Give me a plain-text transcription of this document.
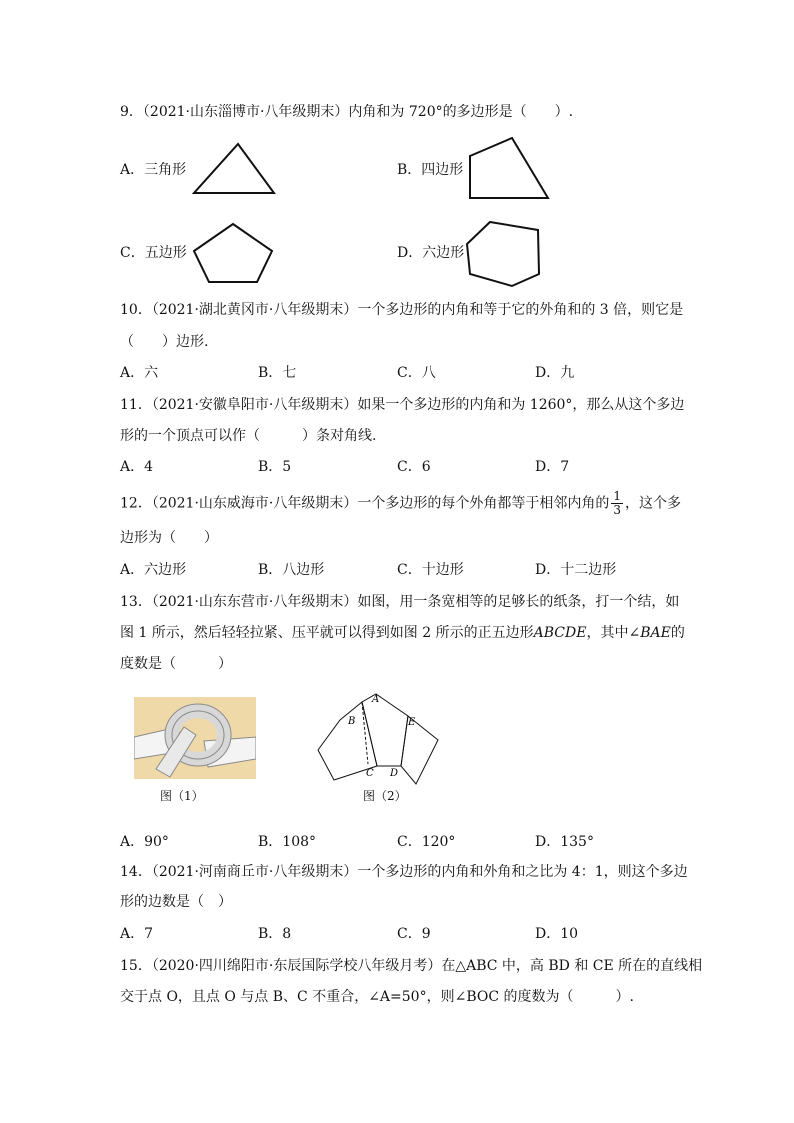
9．（2021·山东淄博市·八年级期末）内角和为 720°的多边形是（　　）.
A．三角形	B．四边形
C．五边形	D．六边形
10．（2021·湖北黄冈市·八年级期末）一个多边形的内角和等于它的外角和的 3 倍，则它是
（　　）边形.
A．六	B．七	C．八	D．九
11．（2021·安徽阜阳市·八年级期末）如果一个多边形的内角和为 1260°，那么从这个多边
形的一个顶点可以作（　　　）条对角线.
A．4	B．5	C．6	D．7
12．（2021·山东威海市·八年级期末）一个多边形的每个外角都等于相邻内角的 $\frac{1}{3}$ ，这个多
边形为（　　）
A．六边形	B．八边形	C．十边形	D．十二边形
13．（2021·山东东营市·八年级期末）如图，用一条宽相等的足够长的纸条，打一个结，如
图 1 所示，然后轻轻拉紧、压平就可以得到如图 2 所示的正五边形ABCDE，其中∠BAE的
度数是（　　　）
图（1）
A
B
C D
E
图（2）
A．90°	B．108°	C．120°	D．135°
14．（2021·河南商丘市·八年级期末）一个多边形的内角和外角和之比为 4：1，则这个多边
形的边数是（　）
A．7	B．8	C．9	D．10
15．（2020·四川绵阳市·东辰国际学校八年级月考）在△ABC 中，高 BD 和 CE 所在的直线相
交于点 O，且点 O 与点 B、C 不重合，∠A=50°，则∠BOC 的度数为（　　　）.
